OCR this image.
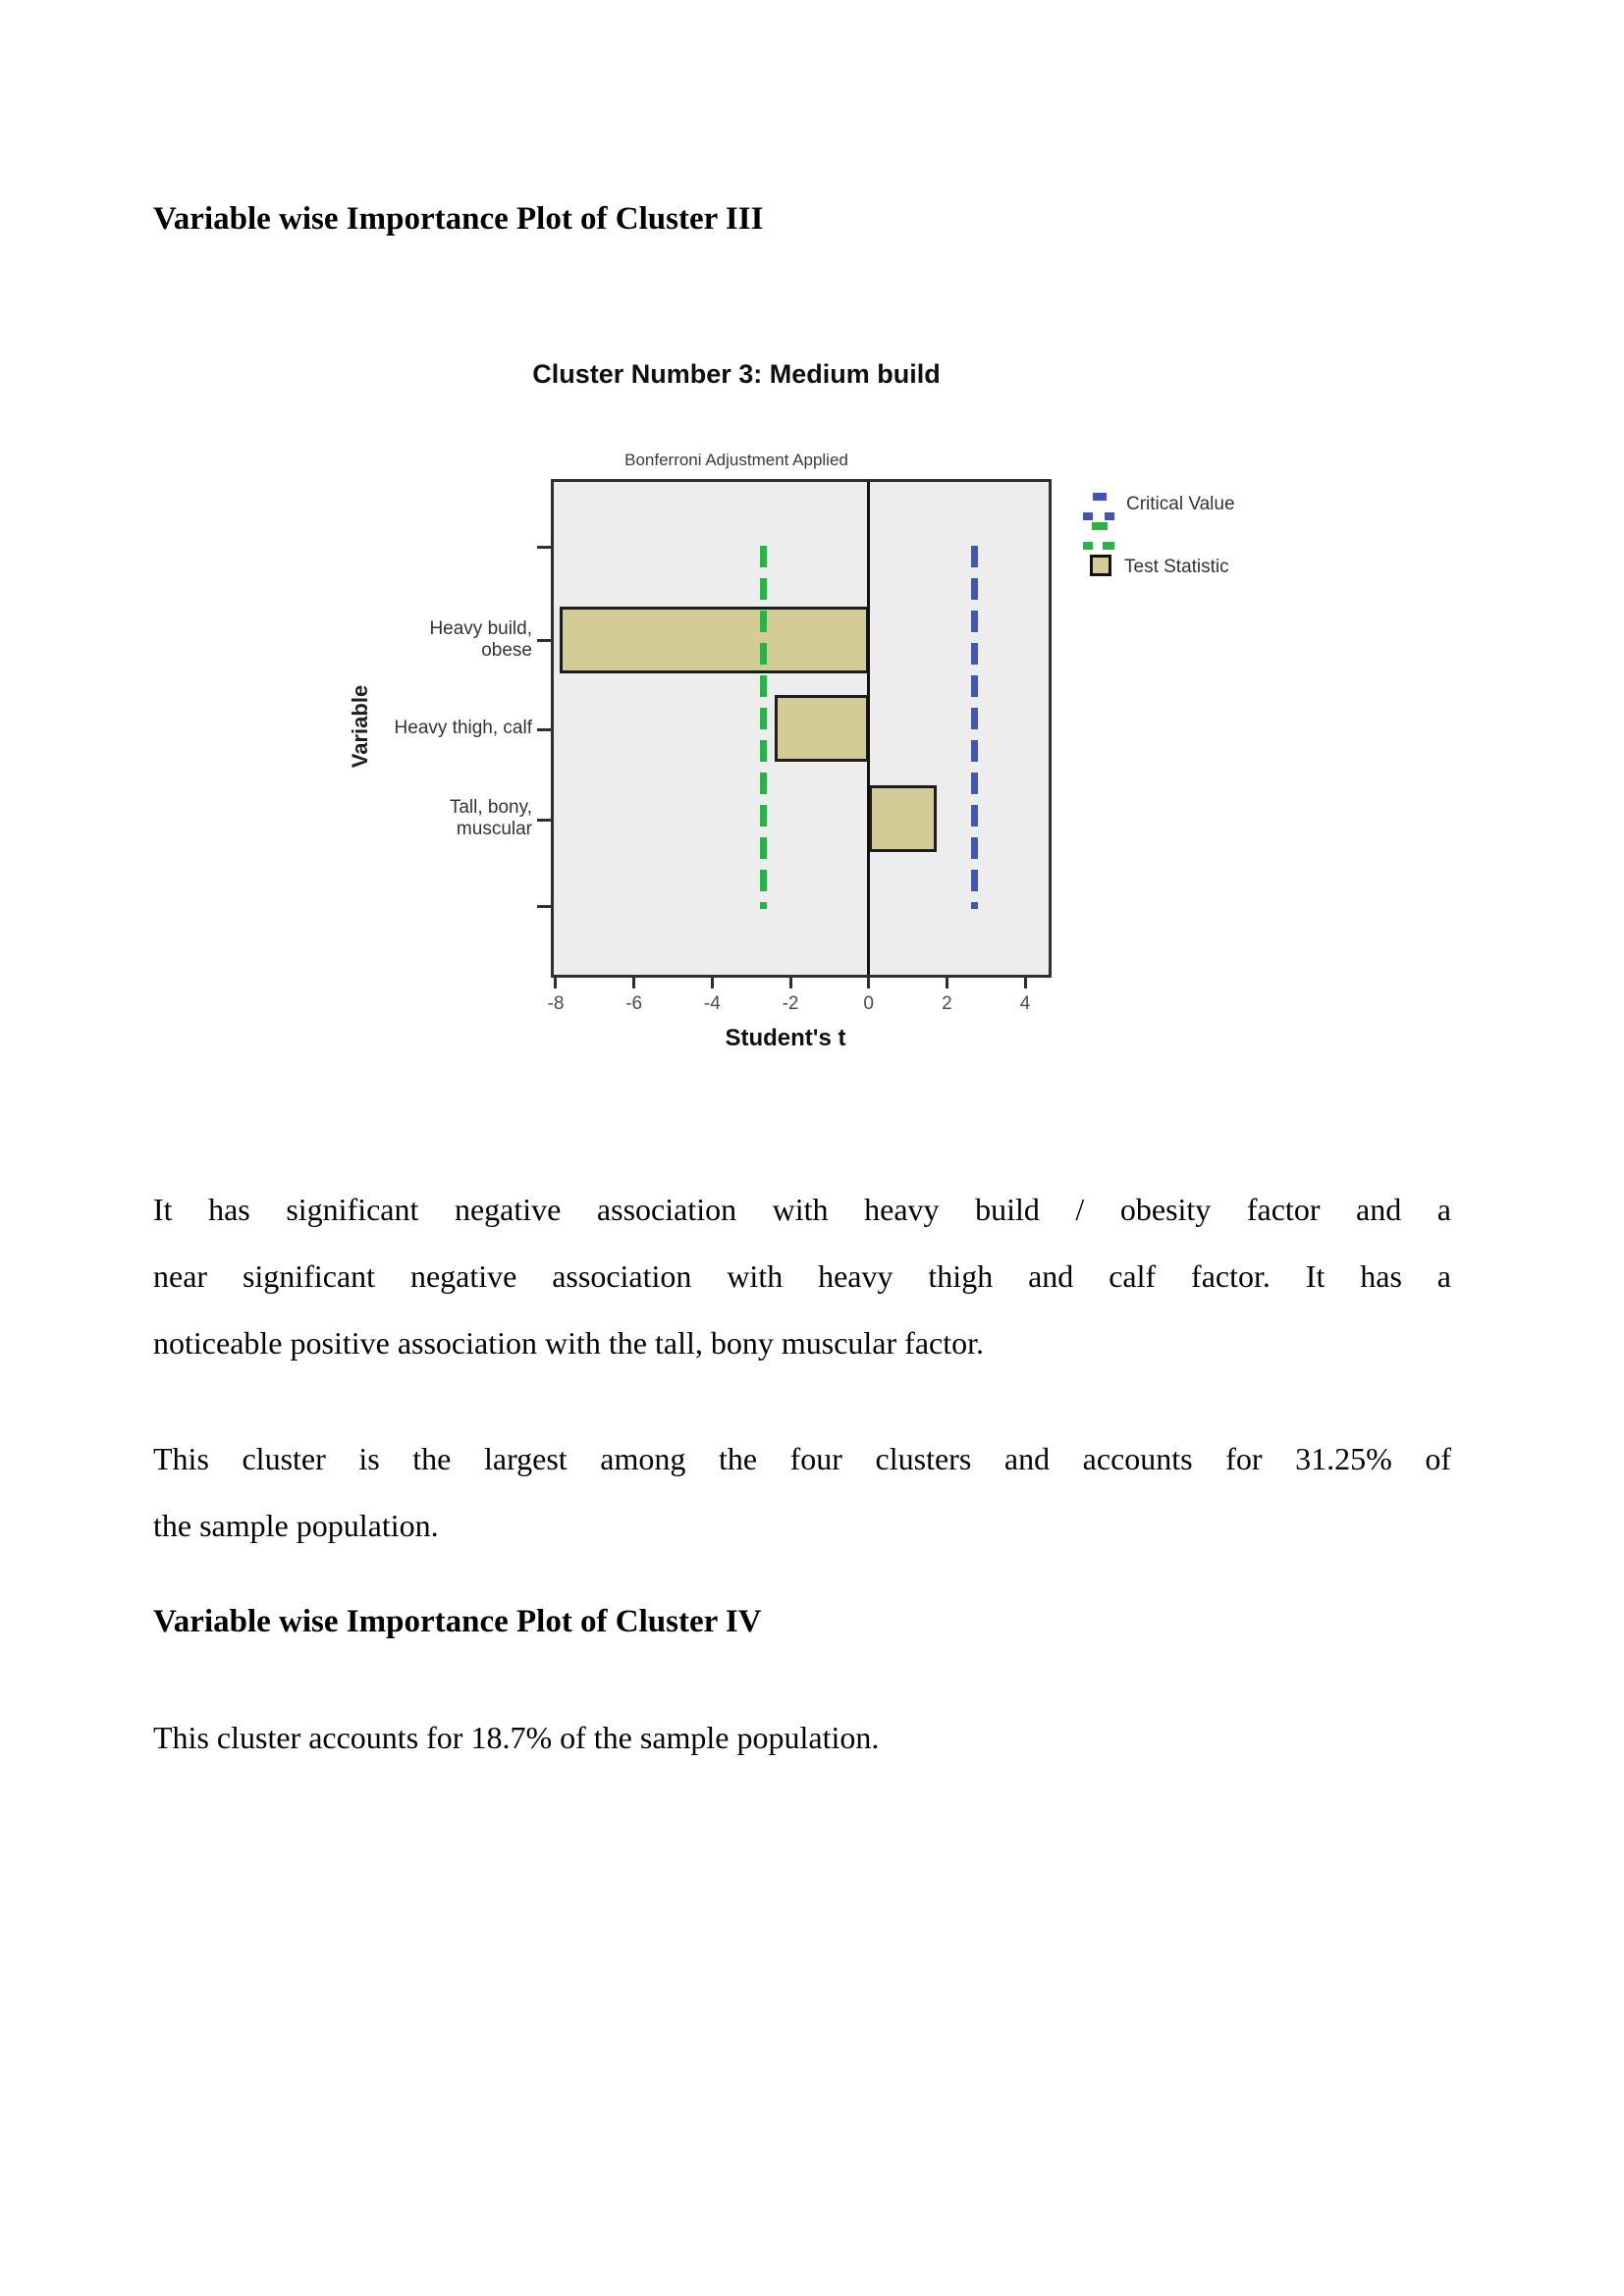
Variable wise Importance Plot of Cluster III
Cluster Number 3: Medium build
Bonferroni Adjustment Applied
Variable
-8	-6	-4	-2	0	2	4
Heavy build,
obese
Heavy thigh, calf
Tall, bony,
muscular
Student's t
Critical Value
Test Statistic
It has significant negative association with heavy build / obesity factor and a
near significant negative association with heavy thigh and calf factor. It has a
noticeable positive association with the tall, bony muscular factor.
This cluster is the largest among the four clusters and accounts for 31.25% of
the sample population.
Variable wise Importance Plot of Cluster IV
This cluster accounts for 18.7% of the sample population.
